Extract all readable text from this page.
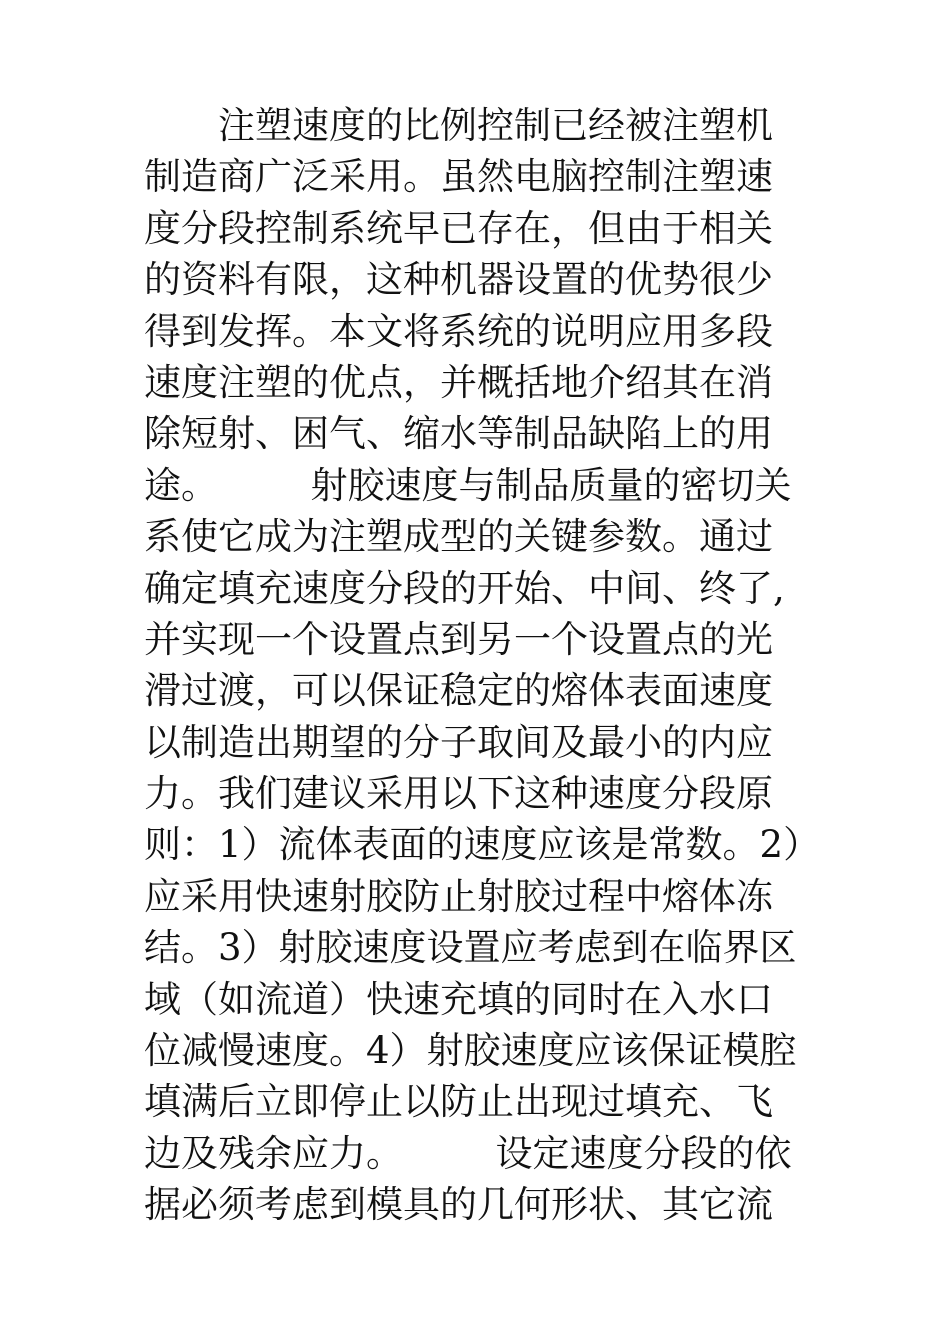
　　注塑速度的比例控制已经被注塑机
制造商广泛采用。虽然电脑控制注塑速
度分段控制系统早已存在，但由于相关
的资料有限，这种机器设置的优势很少
得到发挥。本文将系统的说明应用多段
速度注塑的优点，并概括地介绍其在消
除短射、困气、缩水等制品缺陷上的用
途。　　　射胶速度与制品质量的密切关
系使它成为注塑成型的关键参数。通过
确定填充速度分段的开始、中间、终了,
并实现一个设置点到另一个设置点的光
滑过渡，可以保证稳定的熔体表面速度
以制造出期望的分子取间及最小的内应
力。我们建议采用以下这种速度分段原
则：1）流体表面的速度应该是常数。2）
应采用快速射胶防止射胶过程中熔体冻
结。3）射胶速度设置应考虑到在临界区
域（如流道）快速充填的同时在入水口
位减慢速度。4）射胶速度应该保证模腔
填满后立即停止以防止出现过填充、飞
边及残余应力。　　　设定速度分段的依
据必须考虑到模具的几何形状、其它流
